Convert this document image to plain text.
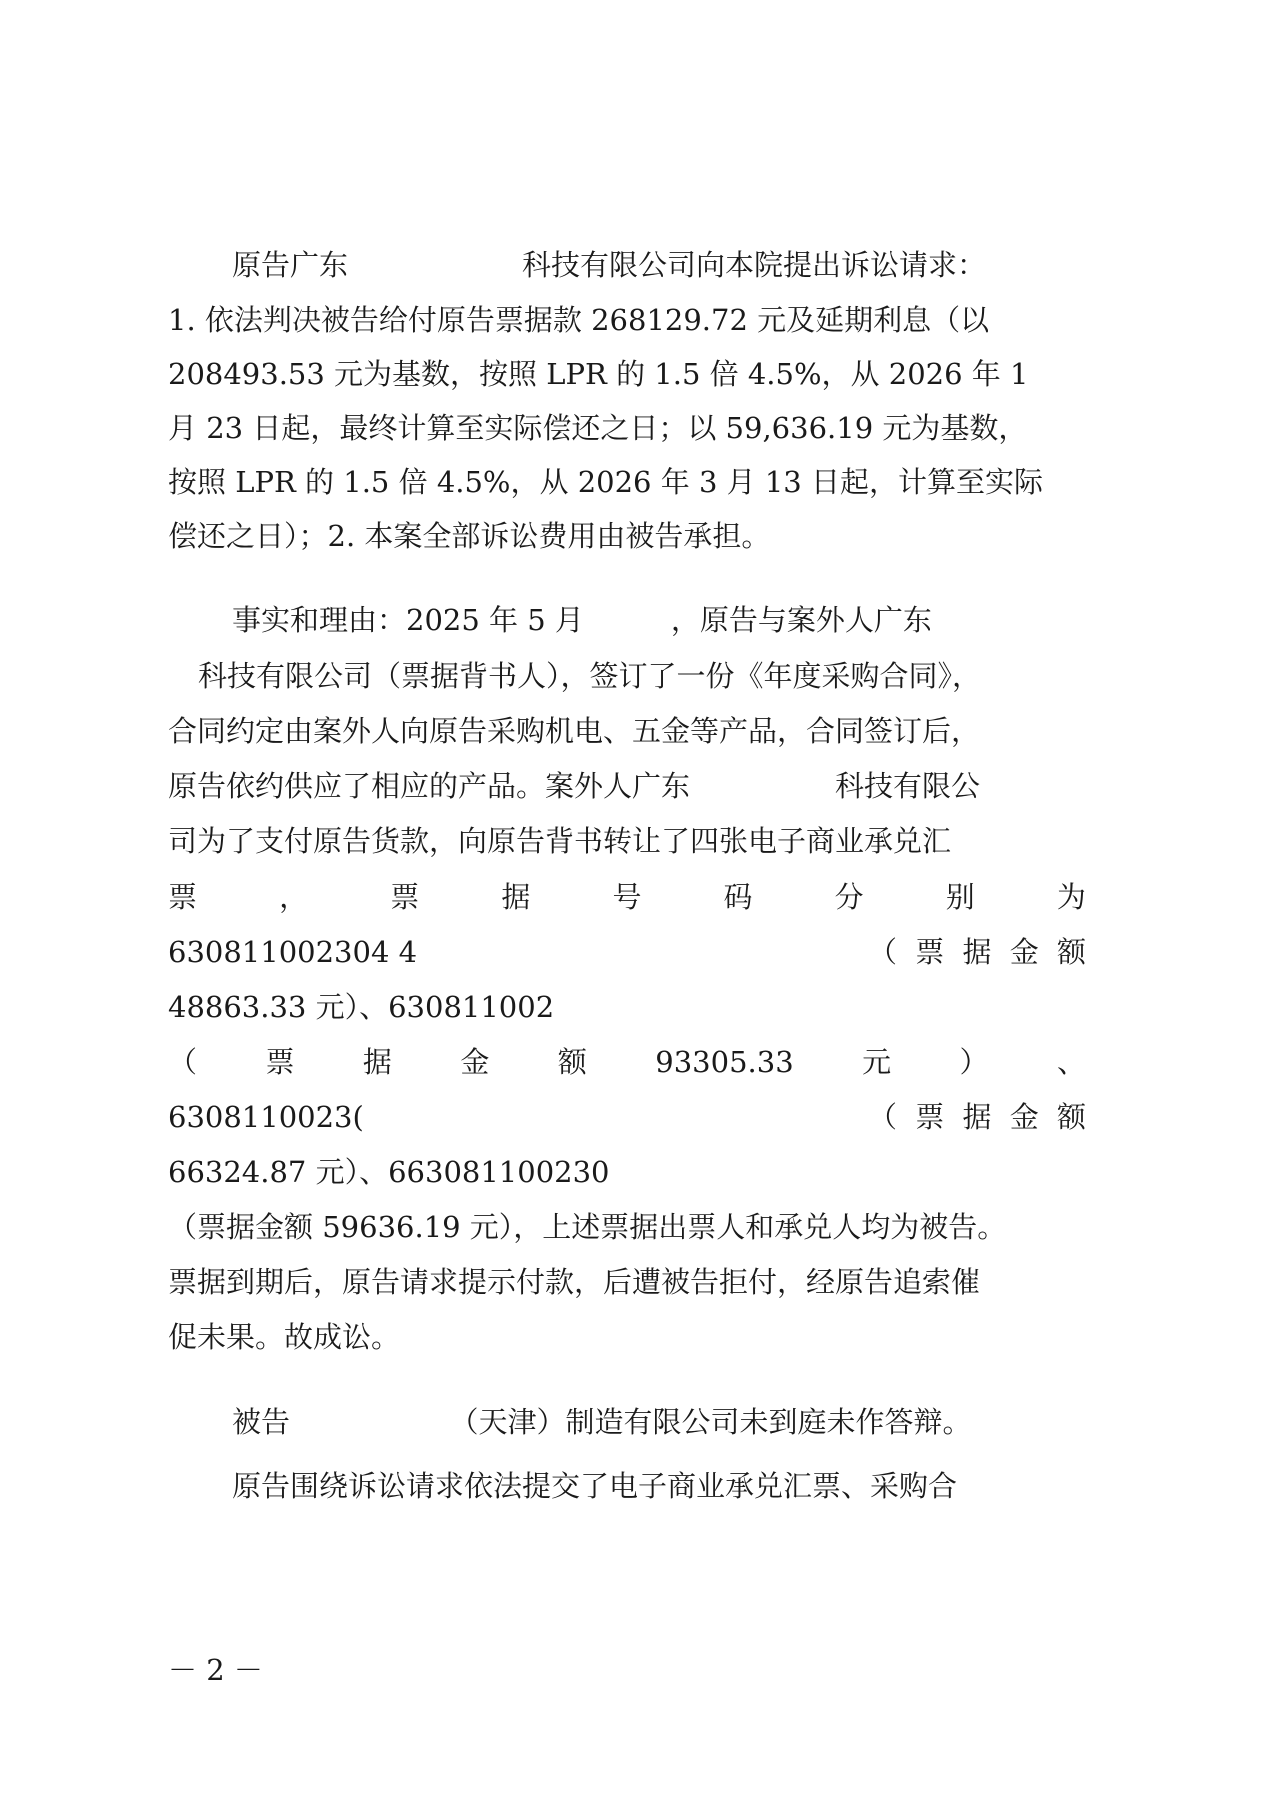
原告广东　　　　　　科技有限公司向本院提出诉讼请求：
1. 依法判决被告给付原告票据款 268129.72 元及延期利息（以
208493.53 元为基数，按照 LPR 的 1.5 倍 4.5%，从 2026 年 1
月 23 日起，最终计算至实际偿还之日；以 59,636.19 元为基数，
按照 LPR 的 1.5 倍 4.5%，从 2026 年 3 月 13 日起，计算至实际
偿还之日）；2. 本案全部诉讼费用由被告承担。
事实和理由：2025 年 5 月　　　，原告与案外人广东
科技有限公司（票据背书人），签订了一份《年度采购合同》，
合同约定由案外人向原告采购机电、五金等产品，合同签订后，
原告依约供应了相应的产品。案外人广东　　　　　科技有限公
司为了支付原告货款，向原告背书转让了四张电子商业承兑汇
票	，	票	据	号	码	分	别	为
630811002304 4	（ 票 据 金 额
48863.33 元）、630811002
（ 票 据 金 额 93305.33 元 ） 、
6308110023(	（ 票 据 金 额
66324.87 元）、663081100230
（票据金额 59636.19 元），上述票据出票人和承兑人均为被告。
票据到期后，原告请求提示付款，后遭被告拒付，经原告追索催
促未果。故成讼。
被告　　　　　　（天津）制造有限公司未到庭未作答辩。
原告围绕诉讼请求依法提交了电子商业承兑汇票、采购合
－ 2 －
